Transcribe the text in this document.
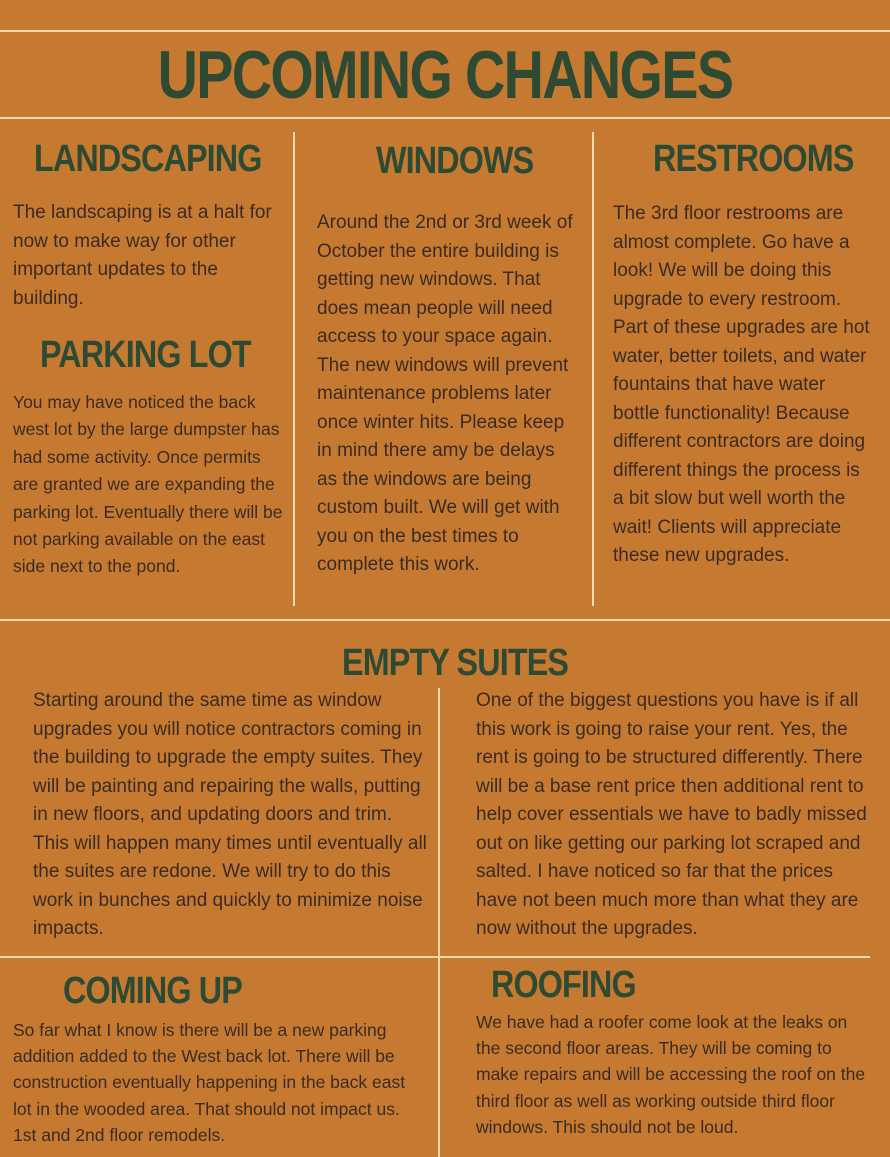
UPCOMING CHANGES
LANDSCAPING
The landscaping is at a halt for now to make way for other important updates to the building.
PARKING LOT
You may have noticed the back west lot by the large dumpster has had some activity. Once permits are granted we are expanding the parking lot. Eventually there will be not parking available on the east side next to the pond.
WINDOWS
Around the 2nd or 3rd week of October the entire building is getting new windows. That does mean people will need access to your space again. The new windows will prevent maintenance problems later once winter hits. Please keep in mind there amy be delays as the windows are being custom built. We will get with you on the best times to complete this work.
RESTROOMS
The 3rd floor restrooms are almost complete. Go have a look! We will be doing this upgrade to every restroom. Part of these upgrades are hot water, better toilets, and water fountains that have water bottle functionality! Because different contractors are doing different things the process is a bit slow but well worth the wait! Clients will appreciate these new upgrades.
EMPTY SUITES
Starting around the same time as window upgrades you will notice contractors coming in the building to upgrade the empty suites. They will be painting and repairing the walls, putting in new floors, and updating doors and trim. This will happen many times until eventually all the suites are redone. We will try to do this work in bunches and quickly to minimize noise impacts.
One of the biggest questions you have is if all this work is going to raise your rent. Yes, the rent is going to be structured differently. There will be a base rent price then additional rent to help cover essentials we have to badly missed out on like getting our parking lot scraped and salted. I have noticed so far that the prices have not been much more than what they are now without the upgrades.
COMING UP
So far what I know is there will be a new parking addition added to the West back lot. There will be construction eventually happening in the back east lot in the wooded area. That should not impact us. 1st and 2nd floor remodels.
ROOFING
We have had a roofer come look at the leaks on the second floor areas. They will be coming to make repairs and will be accessing the roof on the third floor as well as working outside third floor windows. This should not be loud.
